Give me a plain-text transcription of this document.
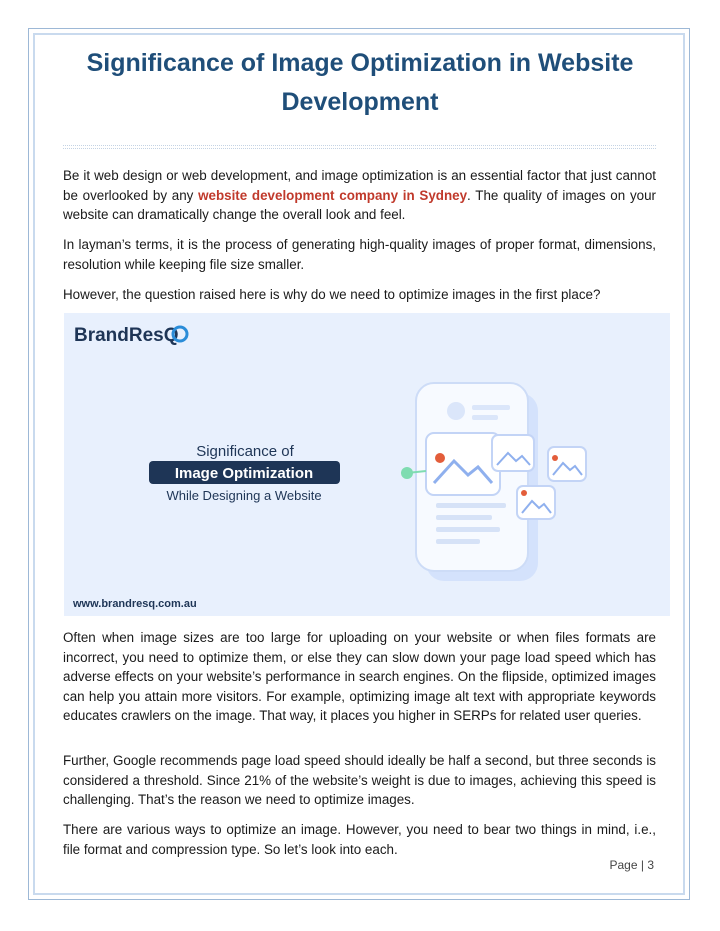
Significance of Image Optimization in Website Development

Be it web design or web development, and image optimization is an essential factor that just cannot be overlooked by any website development company in Sydney. The quality of images on your website can dramatically change the overall look and feel.

In layman’s terms, it is the process of generating high-quality images of proper format, dimensions, resolution while keeping file size smaller.

However, the question raised here is why do we need to optimize images in the first place?

BrandResQ
Significance of
Image Optimization
While Designing a Website
www.brandresq.com.au

Often when image sizes are too large for uploading on your website or when files formats are incorrect, you need to optimize them, or else they can slow down your page load speed which has adverse effects on your website’s performance in search engines. On the flipside, optimized images can help you attain more visitors. For example, optimizing image alt text with appropriate keywords educates crawlers on the image. That way, it places you higher in SERPs for related user queries.

Further, Google recommends page load speed should ideally be half a second, but three seconds is considered a threshold. Since 21% of the website’s weight is due to images, achieving this speed is challenging. That’s the reason we need to optimize images.

There are various ways to optimize an image. However, you need to bear two things in mind, i.e., file format and compression type. So let’s look into each.

Page | 3
